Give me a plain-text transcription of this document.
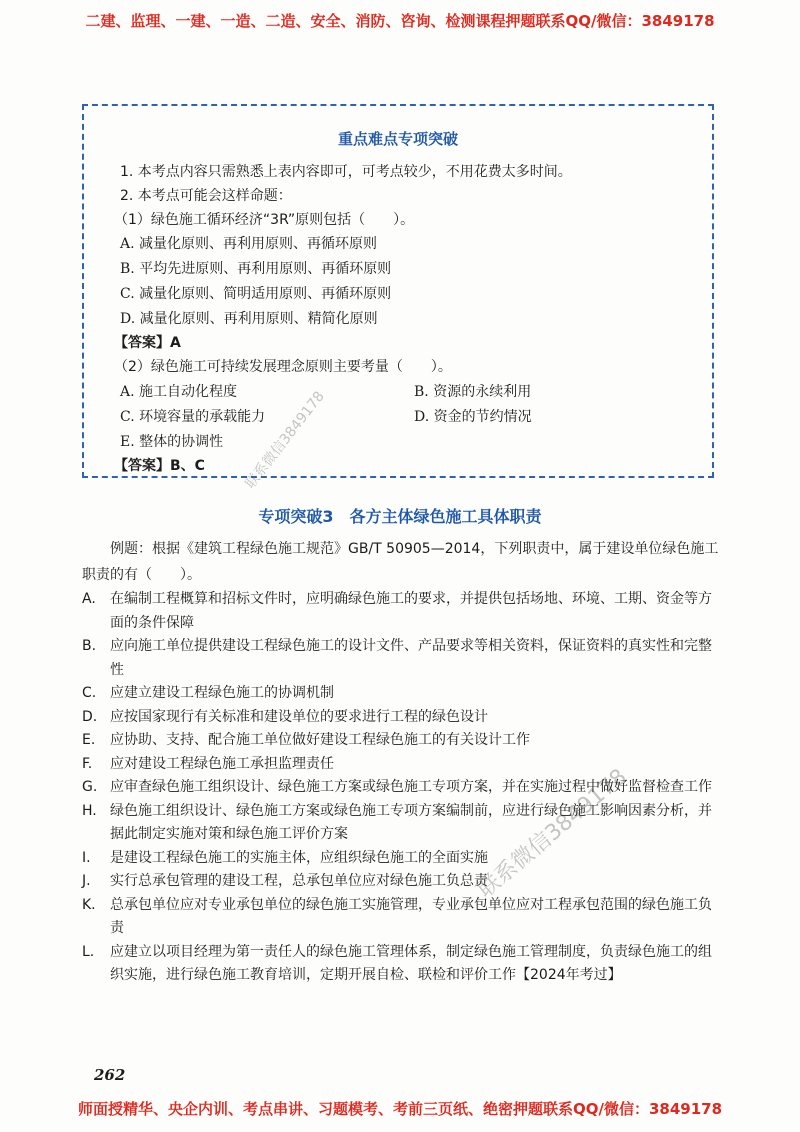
二建、监理、一建、一造、二造、安全、消防、咨询、检测课程押题联系QQ/微信：3849178
重点难点专项突破
1. 本考点内容只需熟悉上表内容即可，可考点较少，不用花费太多时间。
2. 本考点可能会这样命题：
（1）绿色施工循环经济“3R”原则包括（　　）。
A. 减量化原则、再利用原则、再循环原则
B. 平均先进原则、再利用原则、再循环原则
C. 减量化原则、简明适用原则、再循环原则
D. 减量化原则、再利用原则、精简化原则
【答案】A
（2）绿色施工可持续发展理念原则主要考量（　　）。
A. 施工自动化程度	B. 资源的永续利用
C. 环境容量的承载能力	D. 资金的节约情况
E. 整体的协调性
【答案】B、C	联系微信3849178
联系微信3849178
专项突破3　各方主体绿色施工具体职责
例题：根据《建筑工程绿色施工规范》GB/T 50905—2014，下列职责中，属于建设单位绿色施工职责的有（　　）。
A.	在编制工程概算和招标文件时，应明确绿色施工的要求，并提供包括场地、环境、工期、资金等方面的条件保障
B. 应向施工单位提供建设工程绿色施工的设计文件、产品要求等相关资料，保证资料的真实性和完整性
C. 应建立建设工程绿色施工的协调机制
D. 应按国家现行有关标准和建设单位的要求进行工程的绿色设计
E.	应协助、支持、配合施工单位做好建设工程绿色施工的有关设计工作
F.	应对建设工程绿色施工承担监理责任
G. 应审查绿色施工组织设计、绿色施工方案或绿色施工专项方案，并在实施过程中做好监督检查工作
H. 绿色施工组织设计、绿色施工方案或绿色施工专项方案编制前，应进行绿色施工影响因素分析，并据此制定实施对策和绿色施工评价方案
I.	是建设工程绿色施工的实施主体，应组织绿色施工的全面实施
J.	实行总承包管理的建设工程，总承包单位应对绿色施工负总责
K.	总承包单位应对专业承包单位的绿色施工实施管理，专业承包单位应对工程承包范围的绿色施工负责
L.	应建立以项目经理为第一责任人的绿色施工管理体系，制定绿色施工管理制度，负责绿色施工的组织实施，进行绿色施工教育培训，定期开展自检、联检和评价工作【2024年考过】
262
师面授精华、央企内训、考点串讲、习题模考、考前三页纸、绝密押题联系QQ/微信：3849178
